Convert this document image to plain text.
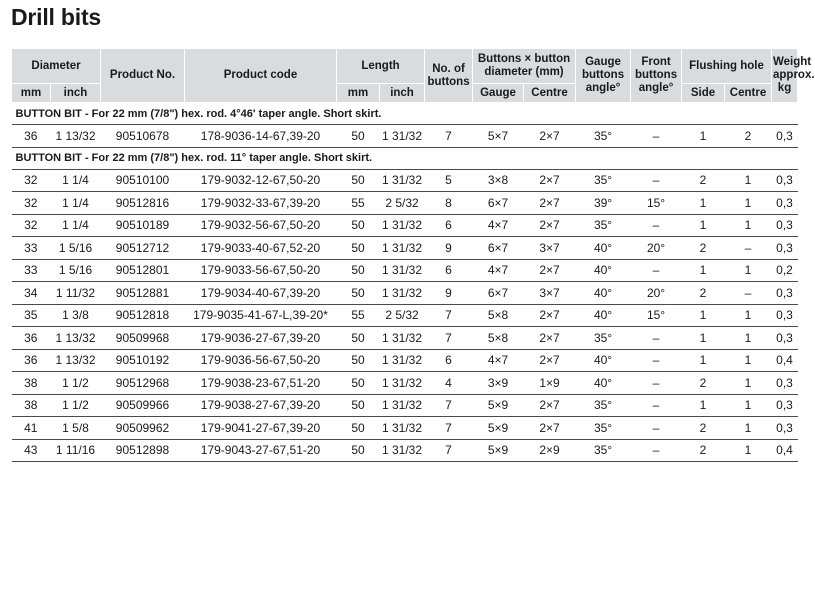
Drill bits
Diameter		Product No.	Product code	Length		No. of buttons	Buttons × button diameter (mm)		Gauge buttons angle°	Front buttons angle°	Flushing hole		Weight approx. kg
mm	inch			mm	inch		Gauge	Centre			Side	Centre	
BUTTON BIT - For 22 mm (7/8") hex. rod. 4°46' taper angle. Short skirt.													
36	1 13/32	90510678	178-9036-14-67,39-20	50	1 31/32	7	5×7	2×7	35°	–	1	2	0,3
BUTTON BIT - For 22 mm (7/8") hex. rod. 11° taper angle. Short skirt.													
32	1 1/4	90510100	179-9032-12-67,50-20	50	1 31/32	5	3×8	2×7	35°	–	2	1	0,3
32	1 1/4	90512816	179-9032-33-67,39-20	55	2 5/32	8	6×7	2×7	39°	15°	1	1	0,3
32	1 1/4	90510189	179-9032-56-67,50-20	50	1 31/32	6	4×7	2×7	35°	–	1	1	0,3
33	1 5/16	90512712	179-9033-40-67,52-20	50	1 31/32	9	6×7	3×7	40°	20°	2	–	0,3
33	1 5/16	90512801	179-9033-56-67,50-20	50	1 31/32	6	4×7	2×7	40°	–	1	1	0,2
34	1 11/32	90512881	179-9034-40-67,39-20	50	1 31/32	9	6×7	3×7	40°	20°	2	–	0,3
35	1 3/8	90512818	179-9035-41-67-L,39-20*	55	2 5/32	7	5×8	2×7	40°	15°	1	1	0,3
36	1 13/32	90509968	179-9036-27-67,39-20	50	1 31/32	7	5×8	2×7	35°	–	1	1	0,3
36	1 13/32	90510192	179-9036-56-67,50-20	50	1 31/32	6	4×7	2×7	40°	–	1	1	0,4
38	1 1/2	90512968	179-9038-23-67,51-20	50	1 31/32	4	3×9	1×9	40°	–	2	1	0,3
38	1 1/2	90509966	179-9038-27-67,39-20	50	1 31/32	7	5×9	2×7	35°	–	1	1	0,3
41	1 5/8	90509962	179-9041-27-67,39-20	50	1 31/32	7	5×9	2×7	35°	–	2	1	0,3
43	1 11/16	90512898	179-9043-27-67,51-20	50	1 31/32	7	5×9	2×9	35°	–	2	1	0,4
